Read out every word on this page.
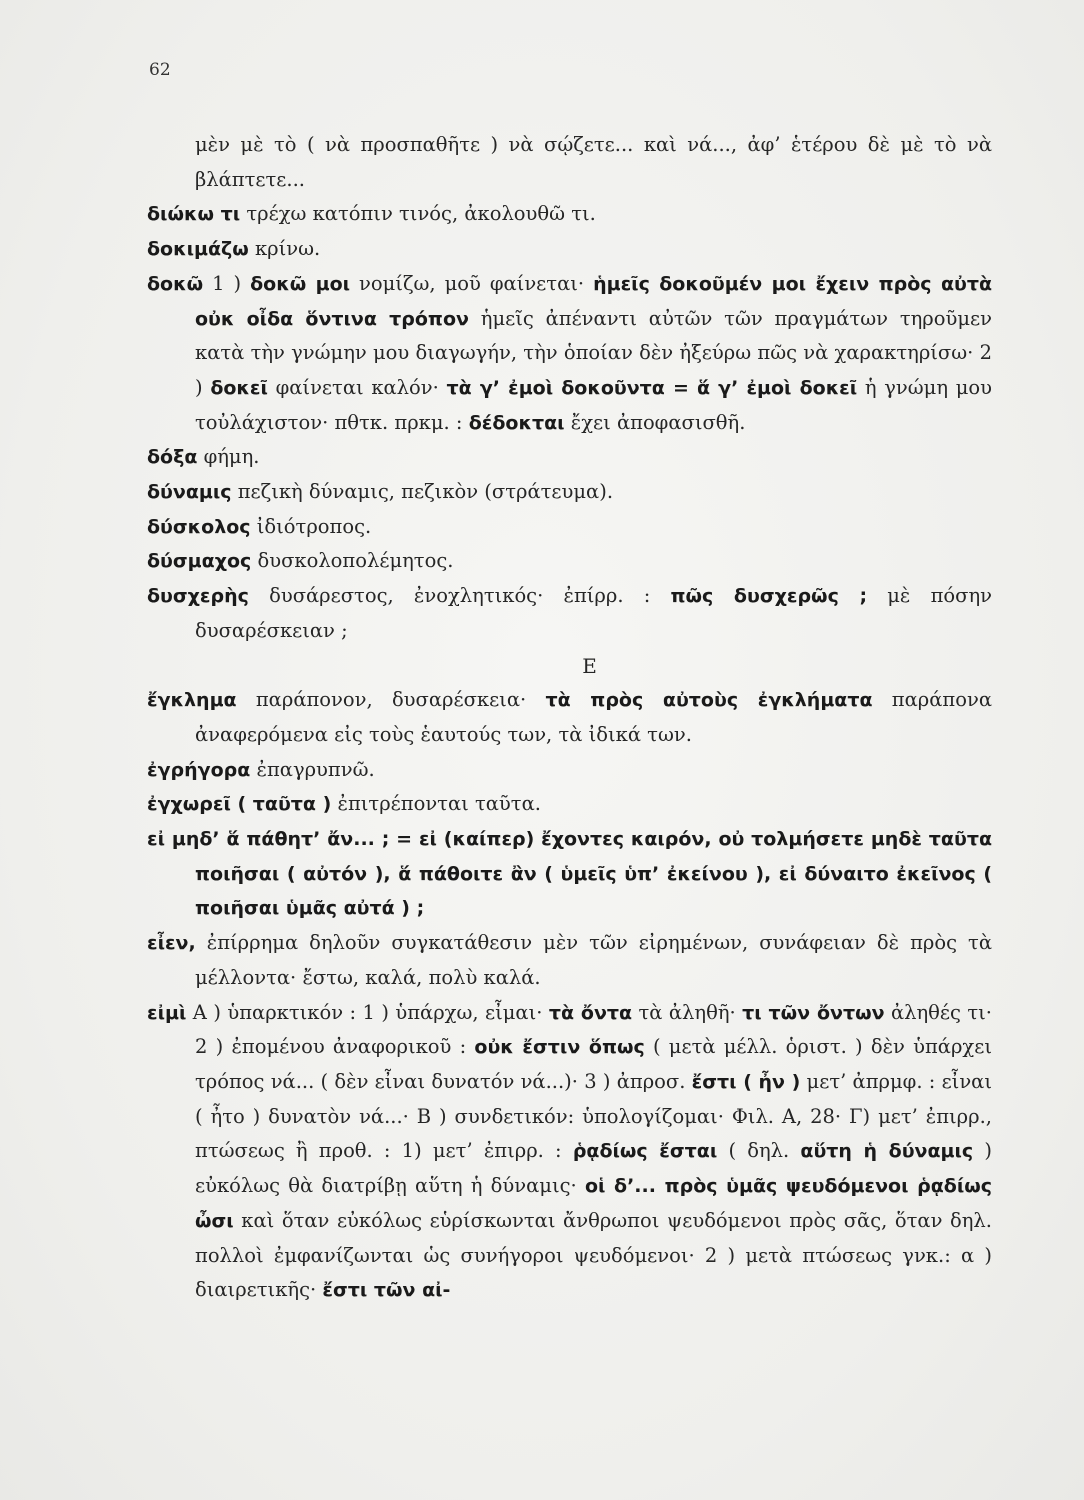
62

μὲν μὲ τὸ ( νὰ προσπαθῆτε ) νὰ σῴζετε... καὶ νά..., ἀφ’ ἑτέρου δὲ μὲ τὸ νὰ βλάπτετε...

διώκω τι τρέχω κατόπιν τινός, ἀκολουθῶ τι.

δοκιμάζω κρίνω.

δοκῶ 1 ) δοκῶ μοι νομίζω, μοῦ φαίνεται· ἡμεῖς δοκοῦμέν μοι ἔχειν πρὸς αὐτὰ οὐκ οἶδα ὅντινα τρόπον ἡμεῖς ἀπέναντι αὐτῶν τῶν πραγμάτων τηροῦμεν κατὰ τὴν γνώμην μου διαγωγήν, τὴν ὁποίαν δὲν ἠξεύρω πῶς νὰ χαρακτηρίσω· 2 ) δοκεῖ φαίνεται καλόν· τὰ γ’ ἐμοὶ δοκοῦντα = ἅ γ’ ἐμοὶ δοκεῖ ἡ γνώμη μου τοὐλάχιστον· πθτκ. πρκμ. : δέδοκται ἔχει ἀποφασισθῆ.

δόξα φήμη.

δύναμις πεζικὴ δύναμις, πεζικὸν (στράτευμα).

δύσκολος ἰδιότροπος.

δύσμαχος δυσκολοπολέμητος.

δυσχερὴς δυσάρεστος, ἐνοχλητικός· ἐπίρρ. : πῶς δυσχερῶς ; μὲ πόσην δυσαρέσκειαν ;

Ε

ἔγκλημα παράπονον, δυσαρέσκεια· τὰ πρὸς αὐτοὺς ἐγκλήματα παράπονα ἀναφερόμενα εἰς τοὺς ἑαυτούς των, τὰ ἰδικά των.

ἐγρήγορα ἐπαγρυπνῶ.

ἐγχωρεῖ ( ταῦτα ) ἐπιτρέπονται ταῦτα.

εἰ μηδ’ ἅ πάθητ’ ἄν... ; = εἰ (καίπερ) ἔχοντες καιρόν, οὐ τολμήσετε μηδὲ ταῦτα ποιῆσαι ( αὐτόν ), ἅ πάθοιτε ἂν ( ὑμεῖς ὑπ’ ἐκείνου ), εἰ δύναιτο ἐκεῖνος ( ποιῆσαι ὑμᾶς αὐτά ) ;

εἶεν, ἐπίρρημα δηλοῦν συγκατάθεσιν μὲν τῶν εἰρημένων, συνάφειαν δὲ πρὸς τὰ μέλλοντα· ἔστω, καλά, πολὺ καλά.

εἰμὶ Α ) ὑπαρκτικόν : 1 ) ὑπάρχω, εἶμαι· τὰ ὄντα τὰ ἀληθῆ· τι τῶν ὄντων ἀληθές τι· 2 ) ἐπομένου ἀναφορικοῦ : οὐκ ἔστιν ὅπως ( μετὰ μέλλ. ὁριστ. ) δὲν ὑπάρχει τρόπος νά... ( δὲν εἶναι δυνατόν νά...)· 3 ) ἀπροσ. ἔστι ( ἦν ) μετ’ ἀπρμφ. : εἶναι ( ἦτο ) δυνατὸν νά...· Β ) συνδετικόν: ὑπολογίζομαι· Φιλ. Α, 28· Γ) μετ’ ἐπιρρ., πτώσεως ἢ προθ. : 1) μετ’ ἐπιρρ. : ῥᾳδίως ἔσται ( δηλ. αὕτη ἡ δύναμις ) εὐκόλως θὰ διατρίβῃ αὕτη ἡ δύναμις· οἱ δ’... πρὸς ὑμᾶς ψευδόμενοι ῥᾳδίως ὦσι καὶ ὅταν εὐκόλως εὑρίσκωνται ἄνθρωποι ψευδόμενοι πρὸς σᾶς, ὅταν δηλ. πολλοὶ ἐμφανίζωνται ὡς συνήγοροι ψευδόμενοι· 2 ) μετὰ πτώσεως γνκ.: α ) διαιρετικῆς· ἔστι τῶν αἰ-
